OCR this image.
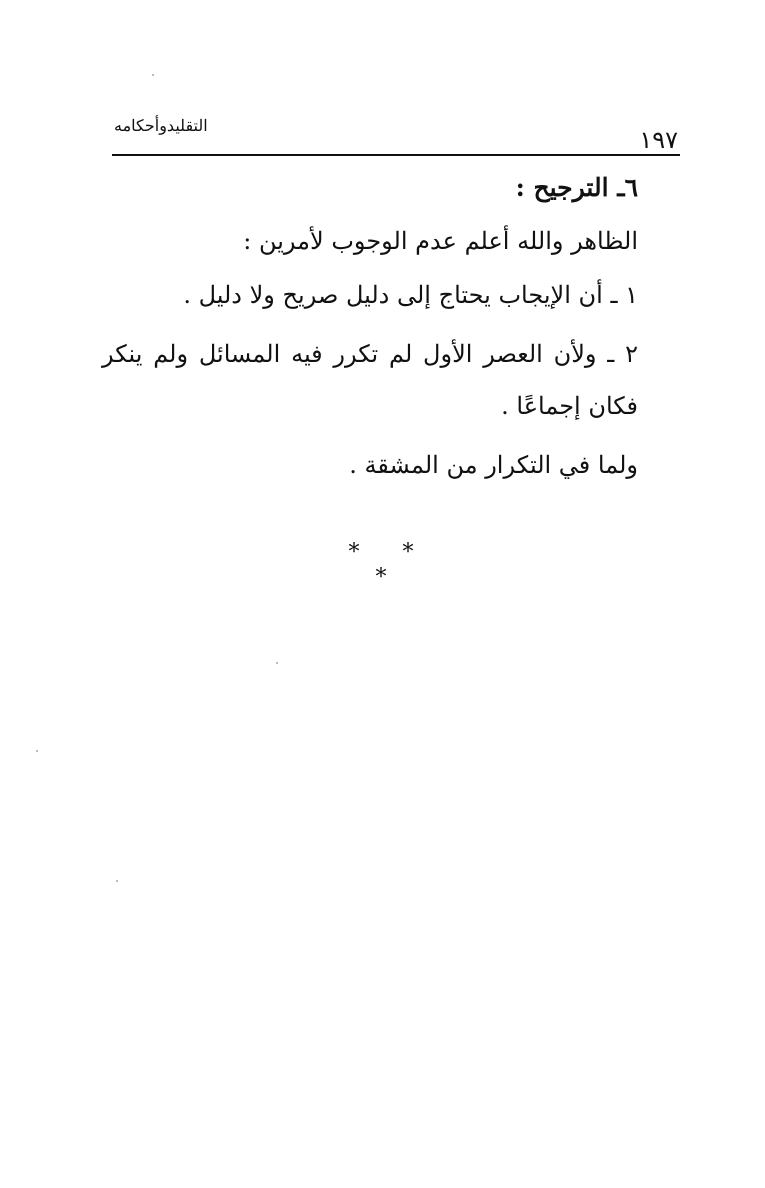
التقليدوأحكامه
١٩٧
٦ـ الترجيح :

الظاهر والله أعلم عدم الوجوب لأمرين :

١ ـ أن الإيجاب يحتاج إلى دليل صريح ولا دليل .

٢ ـ ولأن العصر الأول لم تكرر فيه المسائل ولم ينكر فكان إجماعًا .

ولما في التكرار من المشقة .

* * *
